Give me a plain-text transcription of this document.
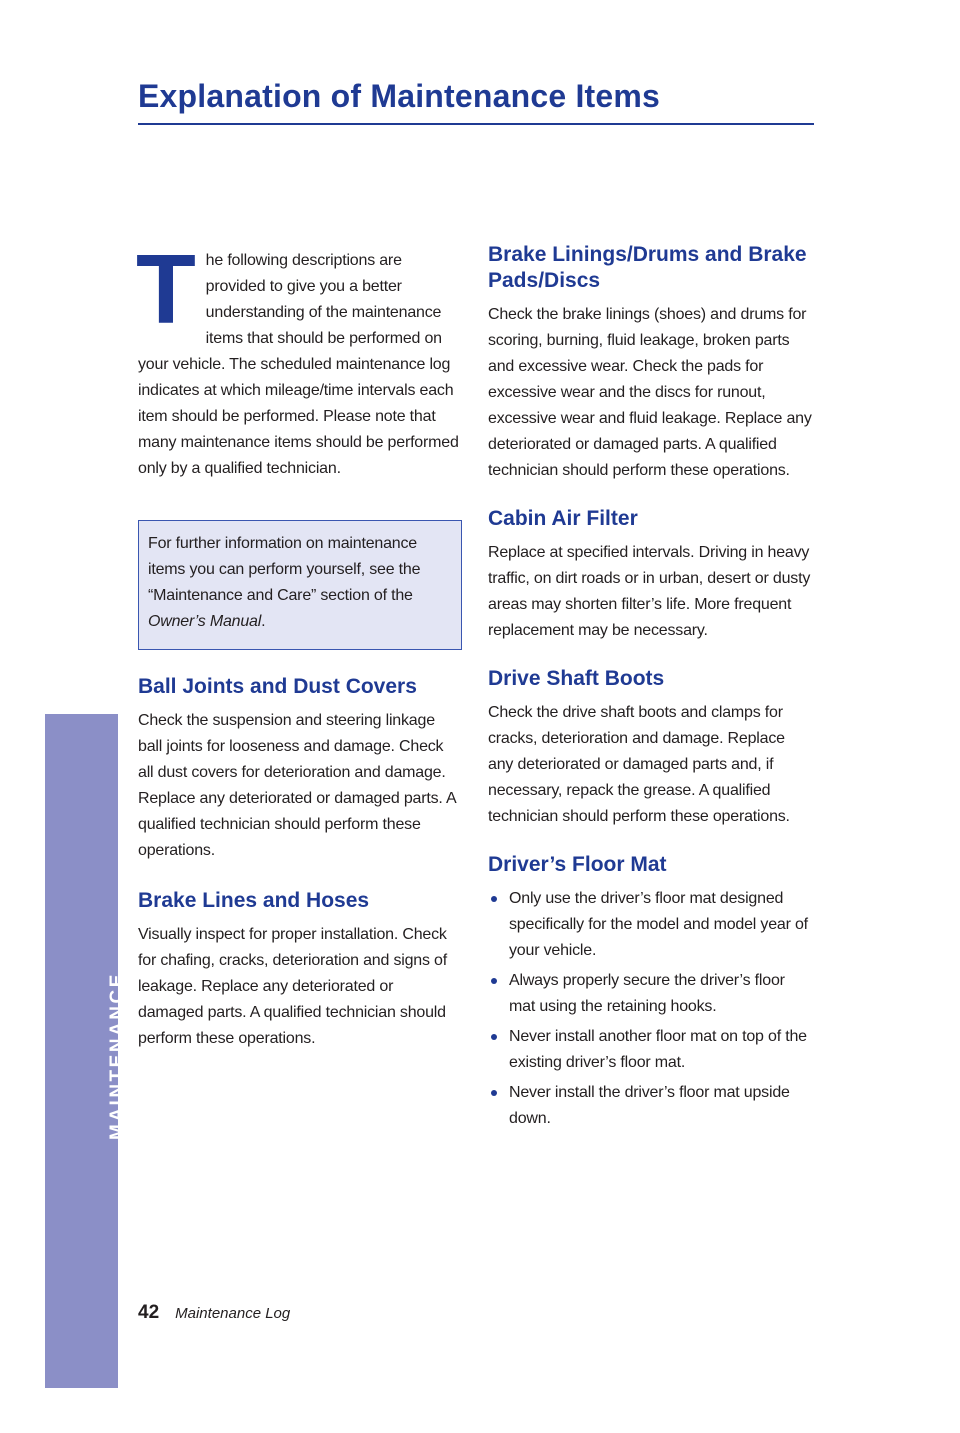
Explanation of Maintenance Items
MAINTENANCE

The following descriptions are provided to give you a better understanding of the maintenance items that should be performed on your vehicle. The scheduled maintenance log indicates at which mileage/time intervals each item should be performed. Please note that many maintenance items should be performed only by a qualified technician.

For further information on maintenance items you can perform yourself, see the “Maintenance and Care” section of the Owner’s Manual.

Ball Joints and Dust Covers

Check the suspension and steering linkage ball joints for looseness and damage. Check all dust covers for deterioration and damage. Replace any deteriorated or damaged parts. A qualified technician should perform these operations.

Brake Lines and Hoses

Visually inspect for proper installation. Check for chafing, cracks, deterioration and signs of leakage. Replace any deteriorated or damaged parts. A qualified technician should perform these operations.

Brake Linings/Drums and Brake Pads/Discs

Check the brake linings (shoes) and drums for scoring, burning, fluid leakage, broken parts and excessive wear. Check the pads for excessive wear and the discs for runout, excessive wear and fluid leakage. Replace any deteriorated or damaged parts. A qualified technician should perform these operations.

Cabin Air Filter

Replace at specified intervals. Driving in heavy traffic, on dirt roads or in urban, desert or dusty areas may shorten filter’s life. More frequent replacement may be necessary.

Drive Shaft Boots

Check the drive shaft boots and clamps for cracks, deterioration and damage. Replace any deteriorated or damaged parts and, if necessary, repack the grease. A qualified technician should perform these operations.

Driver’s Floor Mat
Only use the driver’s floor mat designed specifically for the model and model year of your vehicle.
Always properly secure the driver’s floor mat using the retaining hooks.
Never install another floor mat on top of the existing driver’s floor mat.
Never install the driver’s floor mat upside down.
42 Maintenance Log
